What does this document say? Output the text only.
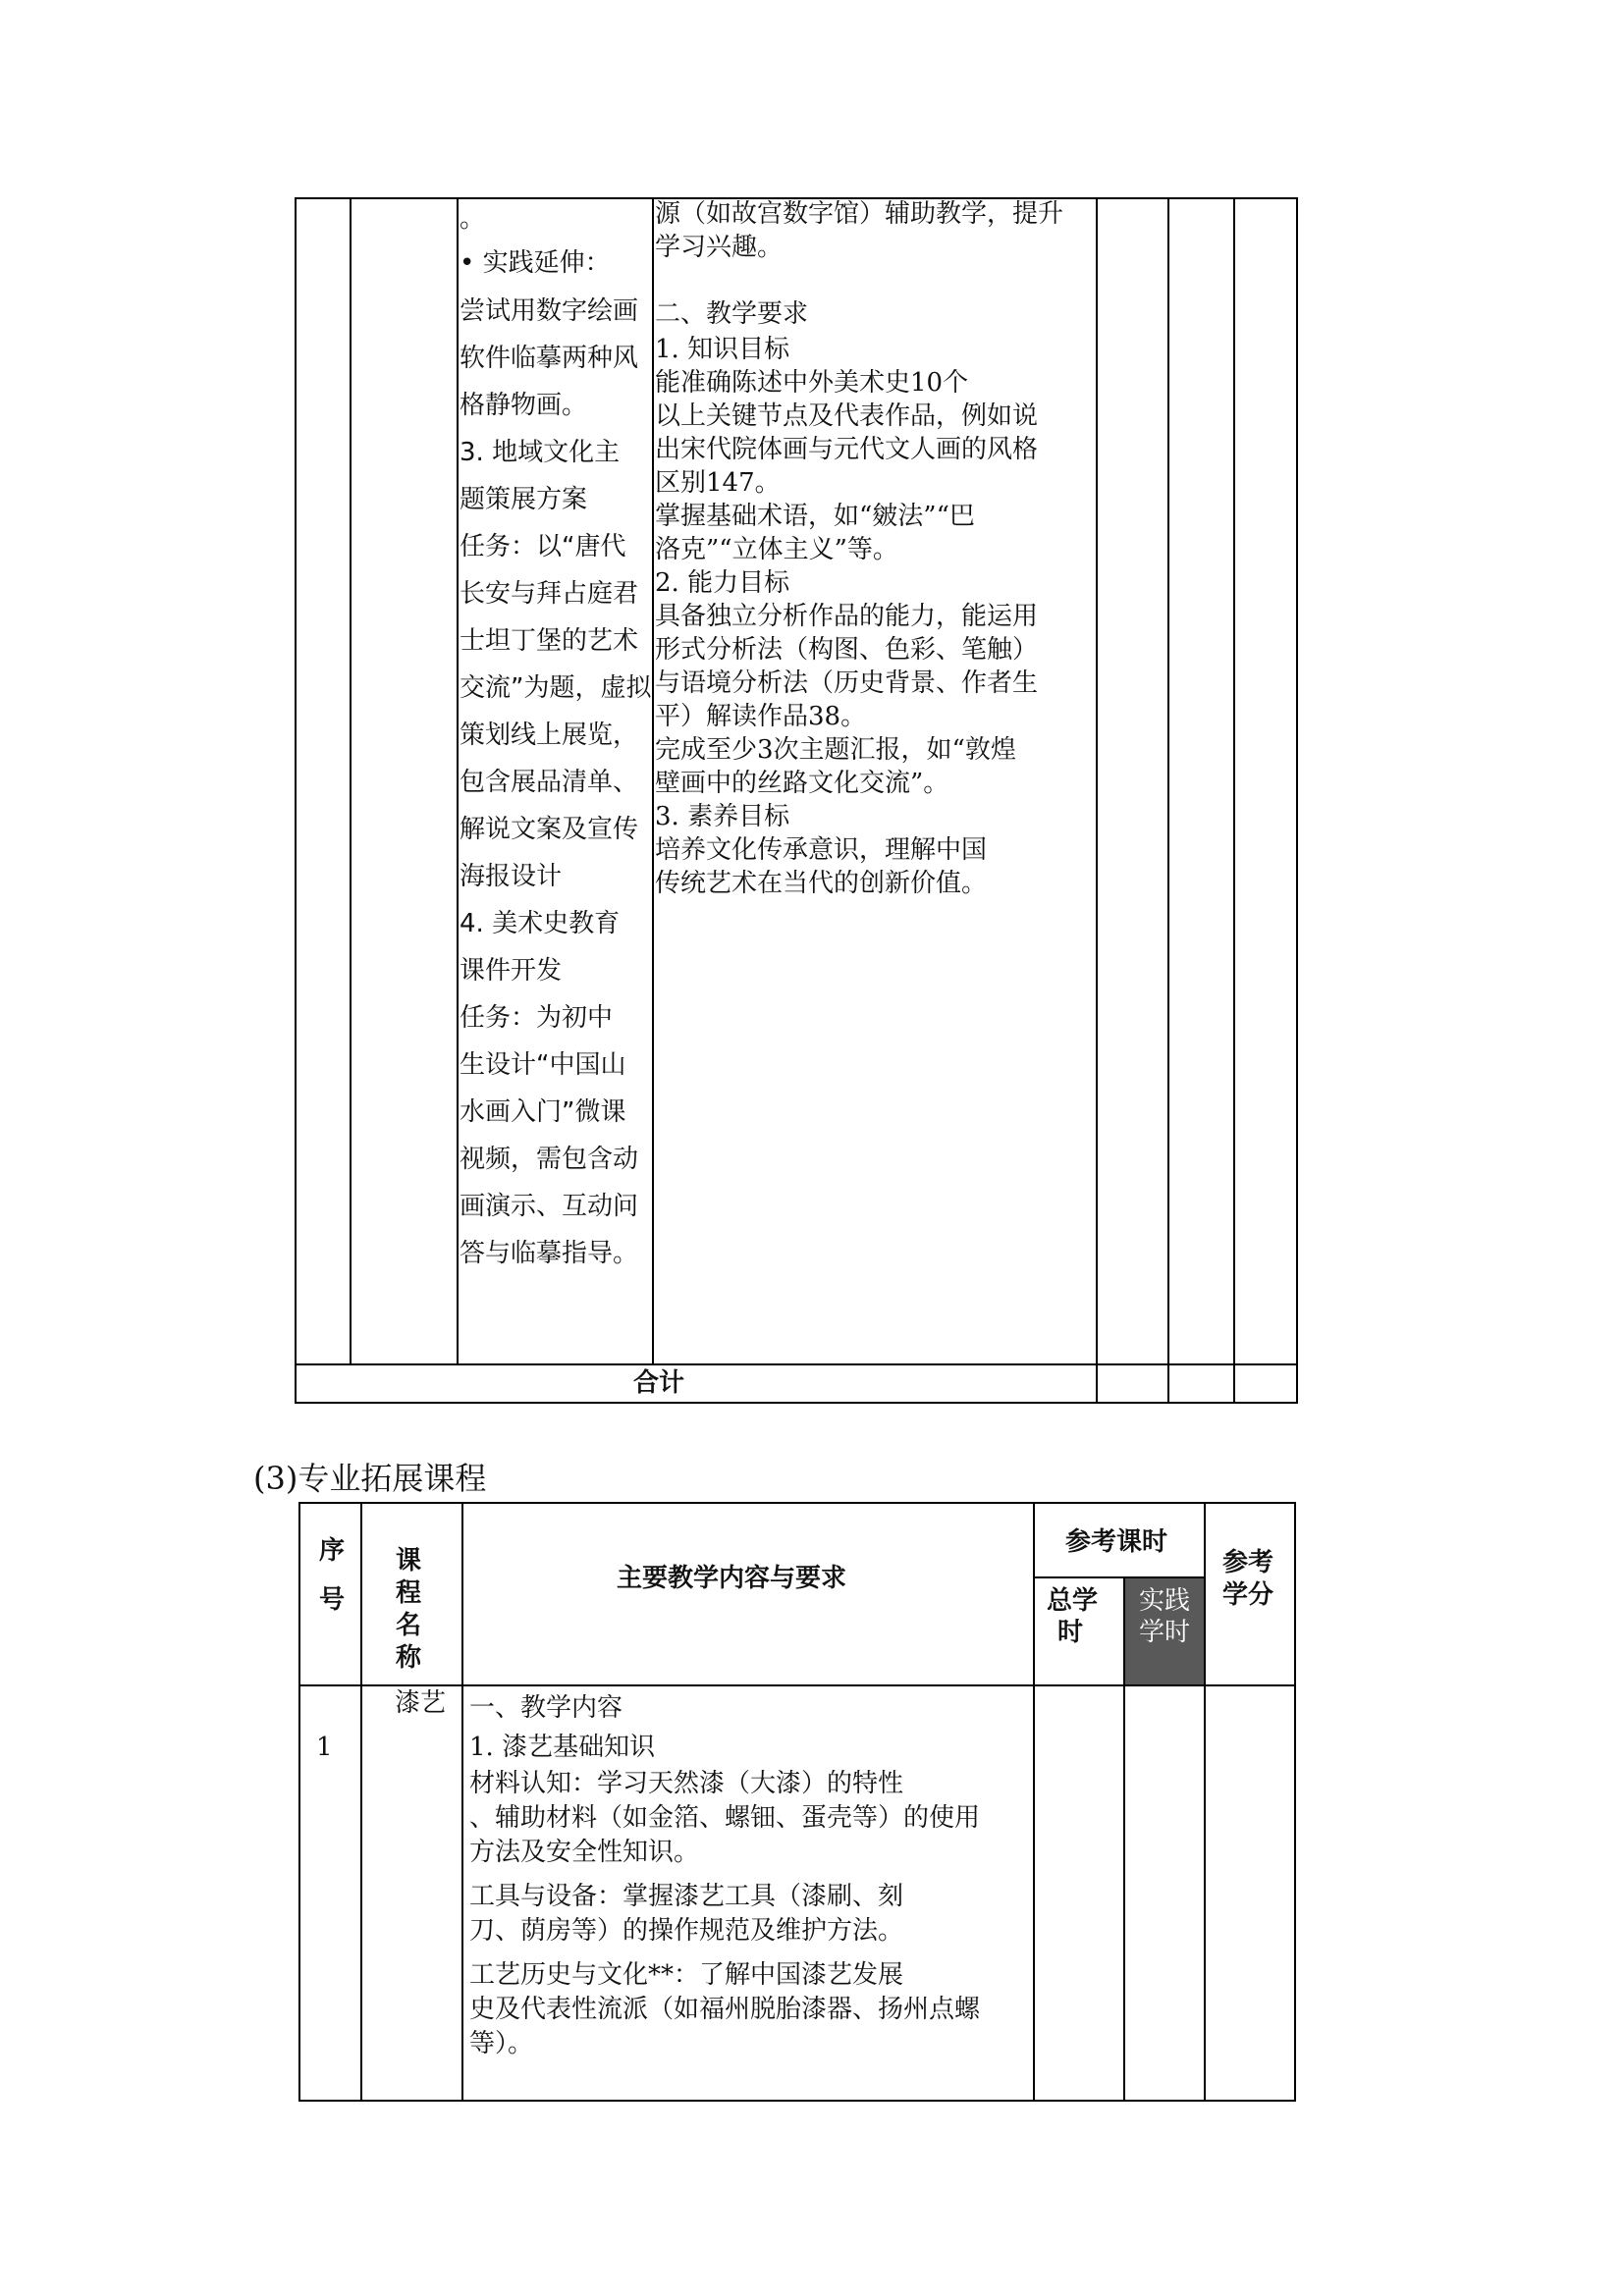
。
• 实践延伸：
尝试用数字绘画
软件临摹两种风
格静物画。
3. 地域文化主
题策展方案
任务：以“唐代
长安与拜占庭君
士坦丁堡的艺术
交流”为题，虚拟
策划线上展览，
包含展品清单、
解说文案及宣传
海报设计
4. 美术史教育
课件开发
任务：为初中
生设计“中国山
水画入门”微课
视频，需包含动
画演示、互动问
答与临摹指导。
源（如故宫数字馆）辅助教学，提升
学习兴趣。
二、教学要求
1. 知识目标
能准确陈述中外美术史10个
以上关键节点及代表作品，例如说
出宋代院体画与元代文人画的风格
区别147。
掌握基础术语，如“皴法”“巴
洛克”“立体主义”等。
2. 能力目标
具备独立分析作品的能力，能运用
形式分析法（构图、色彩、笔触）
与语境分析法（历史背景、作者生
平）解读作品38。
完成至少3次主题汇报，如“敦煌
壁画中的丝路文化交流”。
3. 素养目标
培养文化传承意识，理解中国
传统艺术在当代的创新价值。
合计
(3)专业拓展课程
序
号
课
程
名
称
主要教学内容与要求
参考课时
总学
时
实践
学时
参考
学分
1
漆艺 一、教学内容
1. 漆艺基础知识
材料认知：学习天然漆（大漆）的特性
、辅助材料（如金箔、螺钿、蛋壳等）的使用
方法及安全性知识。
工具与设备：掌握漆艺工具（漆刷、刻
刀、荫房等）的操作规范及维护方法。
工艺历史与文化**：了解中国漆艺发展
史及代表性流派（如福州脱胎漆器、扬州点螺
等）。
